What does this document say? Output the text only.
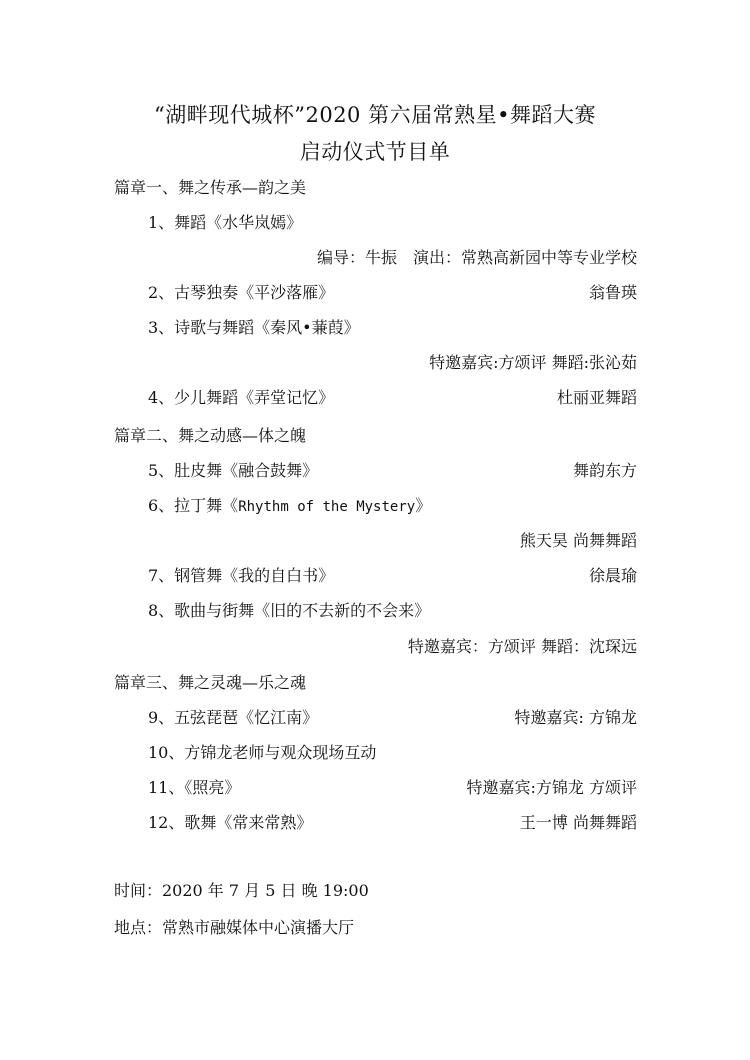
“湖畔现代城杯”2020 第六届常熟星•舞蹈大赛
启动仪式节目单
篇章一、舞之传承—韵之美
1、舞蹈《水华岚嫣》
编导：牛振　演出：常熟高新园中等专业学校
2、古琴独奏《平沙落雁》	翁鲁瑛
3、诗歌与舞蹈《秦风•蒹葭》
特邀嘉宾:方颂评 舞蹈:张沁茹
4、少儿舞蹈《弄堂记忆》	杜丽亚舞蹈
篇章二、舞之动感—体之魄
5、肚皮舞《融合鼓舞》	舞韵东方
6、拉丁舞《Rhythm of the Mystery》
熊天昊 尚舞舞蹈
7、钢管舞《我的自白书》	徐晨瑜
8、歌曲与街舞《旧的不去新的不会来》
特邀嘉宾：方颂评 舞蹈：沈琛远
篇章三、舞之灵魂—乐之魂
9、五弦琵琶《忆江南》	特邀嘉宾: 方锦龙
10、方锦龙老师与观众现场互动
11、《照亮》	特邀嘉宾:方锦龙 方颂评
12、歌舞《常来常熟》	王一博 尚舞舞蹈
时间：2020 年 7 月 5 日 晚 19:00
地点：常熟市融媒体中心演播大厅
